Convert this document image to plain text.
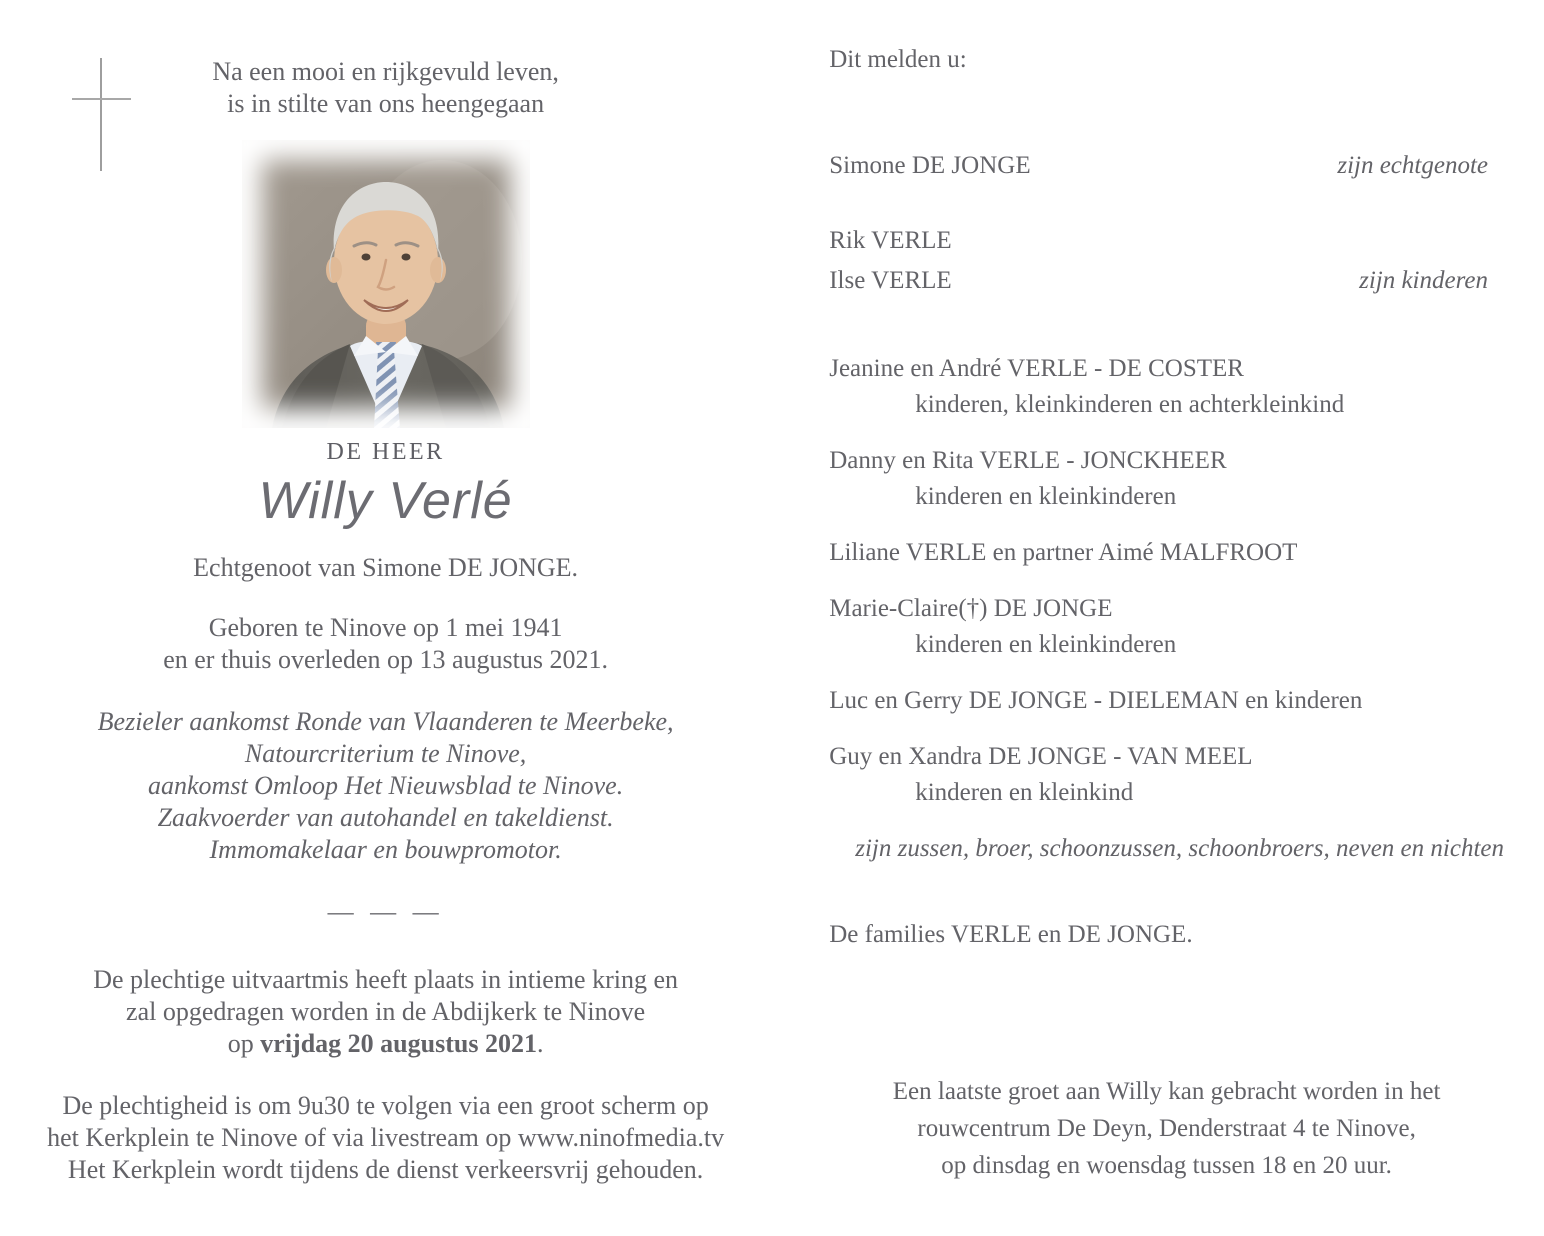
Na een mooi en rijkgevuld leven,
is in stilte van ons heengegaan
DE HEER
Willy Verlé
Echtgenoot van Simone DE JONGE.
Geboren te Ninove op 1 mei 1941
en er thuis overleden op 13 augustus 2021.
Bezieler aankomst Ronde van Vlaanderen te Meerbeke,
Natourcriterium te Ninove,
aankomst Omloop Het Nieuwsblad te Ninove.
Zaakvoerder van autohandel en takeldienst.
Immomakelaar en bouwpromotor.
— — —
De plechtige uitvaartmis heeft plaats in intieme kring en
zal opgedragen worden in de Abdijkerk te Ninove
op vrijdag 20 augustus 2021.
De plechtigheid is om 9u30 te volgen via een groot scherm op
het Kerkplein te Ninove of via livestream op www.ninofmedia.tv
Het Kerkplein wordt tijdens de dienst verkeersvrij gehouden.
Dit melden u:
Simone DE JONGE	zijn echtgenote
Rik VERLE
Ilse VERLE	zijn kinderen
Jeanine en André VERLE - DE COSTER
kinderen, kleinkinderen en achterkleinkind
Danny en Rita VERLE - JONCKHEER
kinderen en kleinkinderen
Liliane VERLE en partner Aimé MALFROOT
Marie-Claire(†) DE JONGE
kinderen en kleinkinderen
Luc en Gerry DE JONGE - DIELEMAN en kinderen
Guy en Xandra DE JONGE - VAN MEEL
kinderen en kleinkind
zijn zussen, broer, schoonzussen, schoonbroers, neven en nichten
De families VERLE en DE JONGE.
Een laatste groet aan Willy kan gebracht worden in het
rouwcentrum De Deyn, Denderstraat 4 te Ninove,
op dinsdag en woensdag tussen 18 en 20 uur.
